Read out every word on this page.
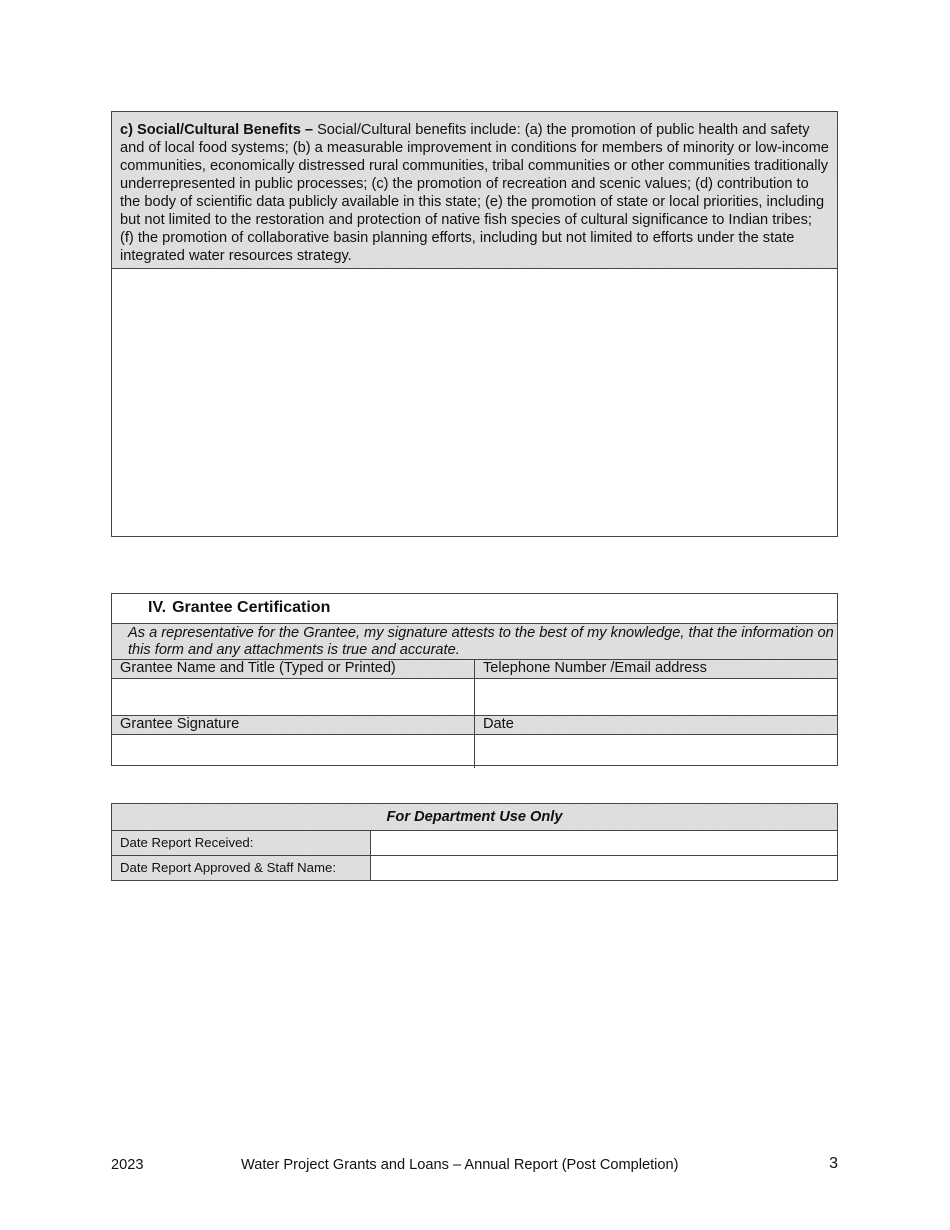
c) Social/Cultural Benefits – Social/Cultural benefits include: (a) the promotion of public health and safety and of local food systems; (b) a measurable improvement in conditions for members of minority or low-income communities, economically distressed rural communities, tribal communities or other communities traditionally underrepresented in public processes; (c) the promotion of recreation and scenic values; (d) contribution to the body of scientific data publicly available in this state; (e) the promotion of state or local priorities, including but not limited to the restoration and protection of native fish species of cultural significance to Indian tribes; (f) the promotion of collaborative basin planning efforts, including but not limited to efforts under the state integrated water resources strategy.
IV. Grantee Certification
As a representative for the Grantee, my signature attests to the best of my knowledge, that the information on this form and any attachments is true and accurate.
Grantee Name and Title (Typed or Printed)	Telephone Number /Email address
Grantee Signature	Date
For Department Use Only
Date Report Received:
Date Report Approved & Staff Name:
2023	Water Project Grants and Loans – Annual Report (Post Completion)	3
